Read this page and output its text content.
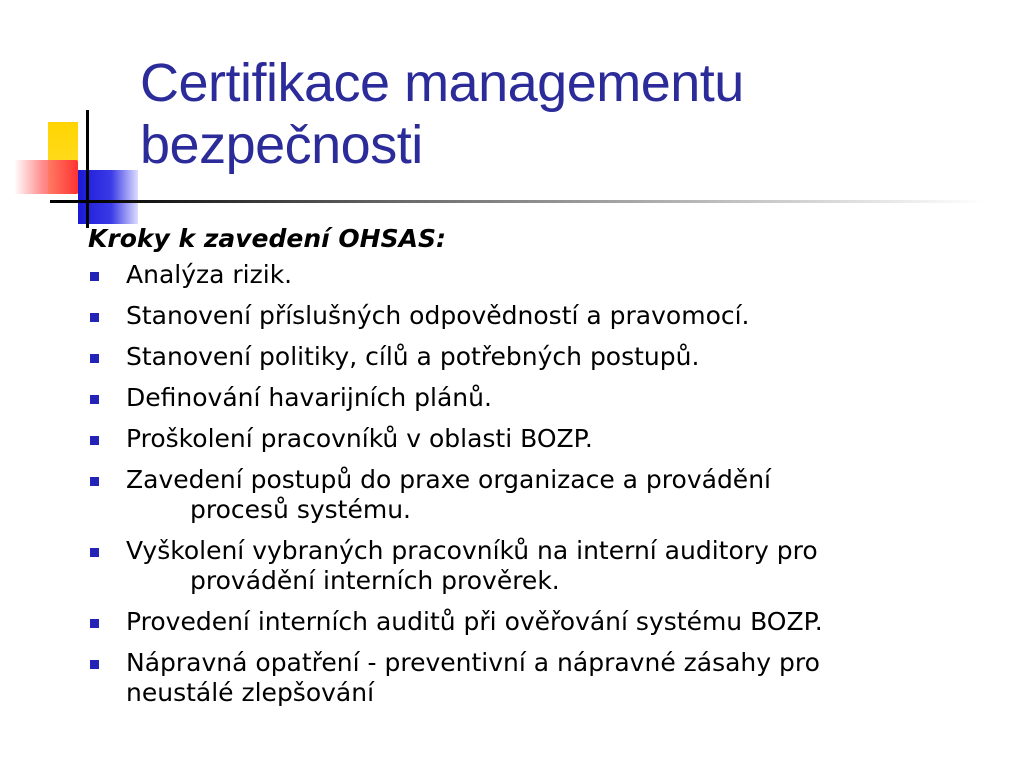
Certifikace managementu
bezpečnosti

Kroky k zavedení OHSAS:

Analýza rizik.
Stanovení příslušných odpovědností a pravomocí.
Stanovení politiky, cílů a potřebných postupů.
Definování havarijních plánů.
Proškolení pracovníků v oblasti BOZP.
Zavedení postupů do praxe organizace a provádění
procesů systému.
Vyškolení vybraných pracovníků na interní auditory pro
provádění interních prověrek.
Provedení interních auditů při ověřování systému BOZP.
Nápravná opatření - preventivní a nápravné zásahy pro
neustálé zlepšování
